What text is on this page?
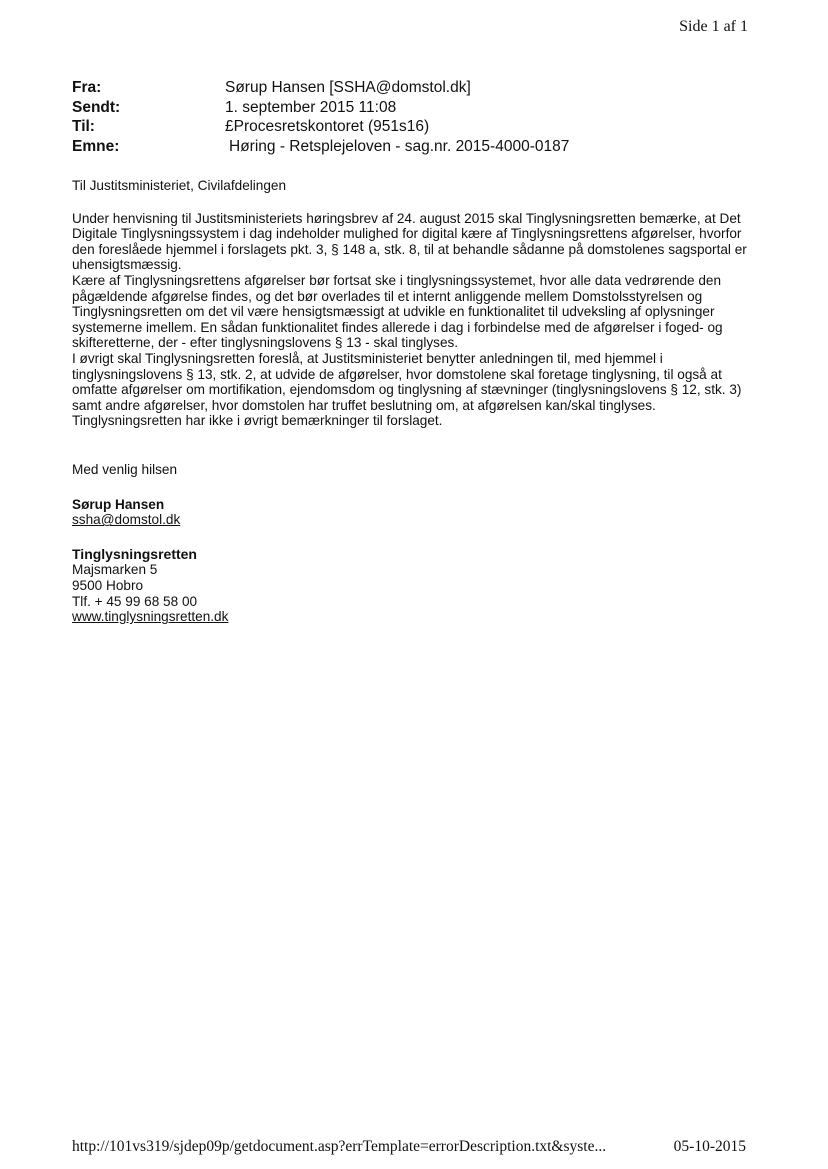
Side 1 af 1
Fra:	Sørup Hansen [SSHA@domstol.dk]
Sendt:	1. september 2015 11:08
Til:	£Procesretskontoret (951s16)
Emne:	Høring - Retsplejeloven - sag.nr. 2015-4000-0187

Til Justitsministeriet, Civilafdelingen

Under henvisning til Justitsministeriets høringsbrev af 24. august 2015 skal Tinglysningsretten bemærke, at Det Digitale Tinglysningssystem i dag indeholder mulighed for digital kære af Tinglysningsrettens afgørelser, hvorfor den foreslåede hjemmel i forslagets pkt. 3, § 148 a, stk. 8, til at behandle sådanne på domstolenes sagsportal er uhensigtsmæssig.

Kære af Tinglysningsrettens afgørelser bør fortsat ske i tinglysningssystemet, hvor alle data vedrørende den pågældende afgørelse findes, og det bør overlades til et internt anliggende mellem Domstolsstyrelsen og Tinglysningsretten om det vil være hensigtsmæssigt at udvikle en funktionalitet til udveksling af oplysninger systemerne imellem. En sådan funktionalitet findes allerede i dag i forbindelse med de afgørelser i foged- og skifteretterne, der - efter tinglysningslovens § 13 - skal tinglyses.

I øvrigt skal Tinglysningsretten foreslå, at Justitsministeriet benytter anledningen til, med hjemmel i tinglysningslovens § 13, stk. 2, at udvide de afgørelser, hvor domstolene skal foretage tinglysning, til også at omfatte afgørelser om mortifikation, ejendomsdom og tinglysning af stævninger (tinglysningslovens § 12, stk. 3) samt andre afgørelser, hvor domstolen har truffet beslutning om, at afgørelsen kan/skal tinglyses.

Tinglysningsretten har ikke i øvrigt bemærkninger til forslaget.

Med venlig hilsen
Sørup Hansen
ssha@domstol.dk
Tinglysningsretten
Majsmarken 5
9500 Hobro
Tlf. + 45 99 68 58 00
www.tinglysningsretten.dk
http://101vs319/sjdep09p/getdocument.asp?errTemplate=errorDescription.txt&syste...	05-10-2015
